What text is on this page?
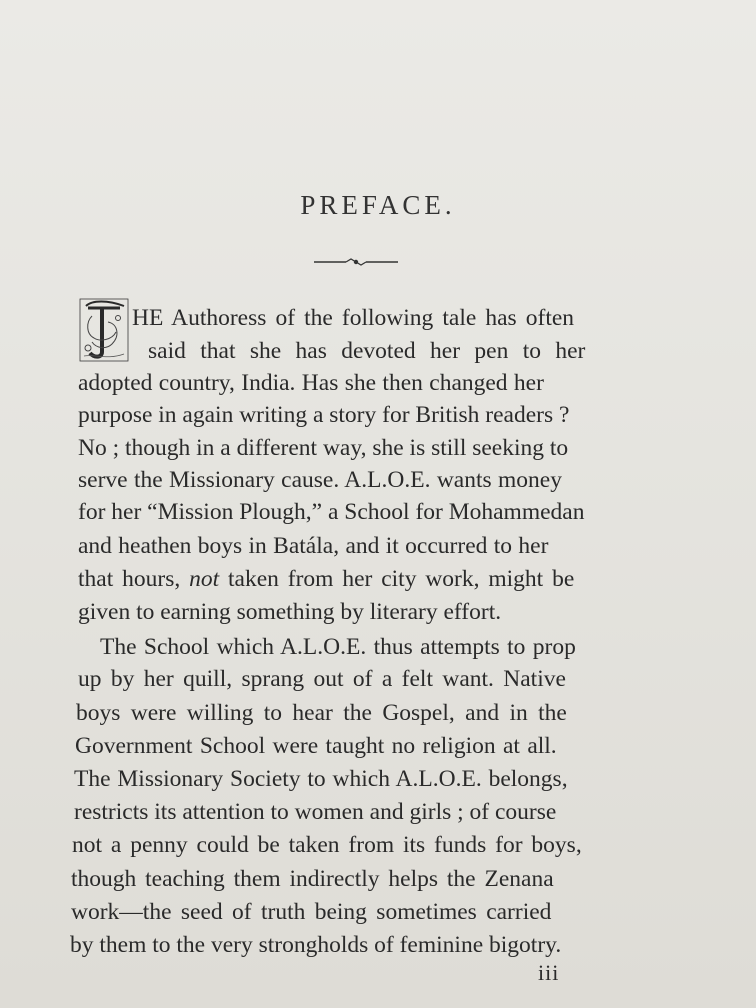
PREFACE.
HE Authoress of the following tale has often
said that she has devoted her pen to her
adopted country, India. Has she then changed her
purpose in again writing a story for British readers ?
No ; though in a different way, she is still seeking to
serve the Missionary cause. A.L.O.E. wants money
for her “Mission Plough,” a School for Mohammedan
and heathen boys in Batála, and it occurred to her
that hours, not taken from her city work, might be
given to earning something by literary effort.
The School which A.L.O.E. thus attempts to prop
up by her quill, sprang out of a felt want. Native
boys were willing to hear the Gospel, and in the
Government School were taught no religion at all.
The Missionary Society to which A.L.O.E. belongs,
restricts its attention to women and girls ; of course
not a penny could be taken from its funds for boys,
though teaching them indirectly helps the Zenana
work—the seed of truth being sometimes carried
by them to the very strongholds of feminine bigotry.
iii
